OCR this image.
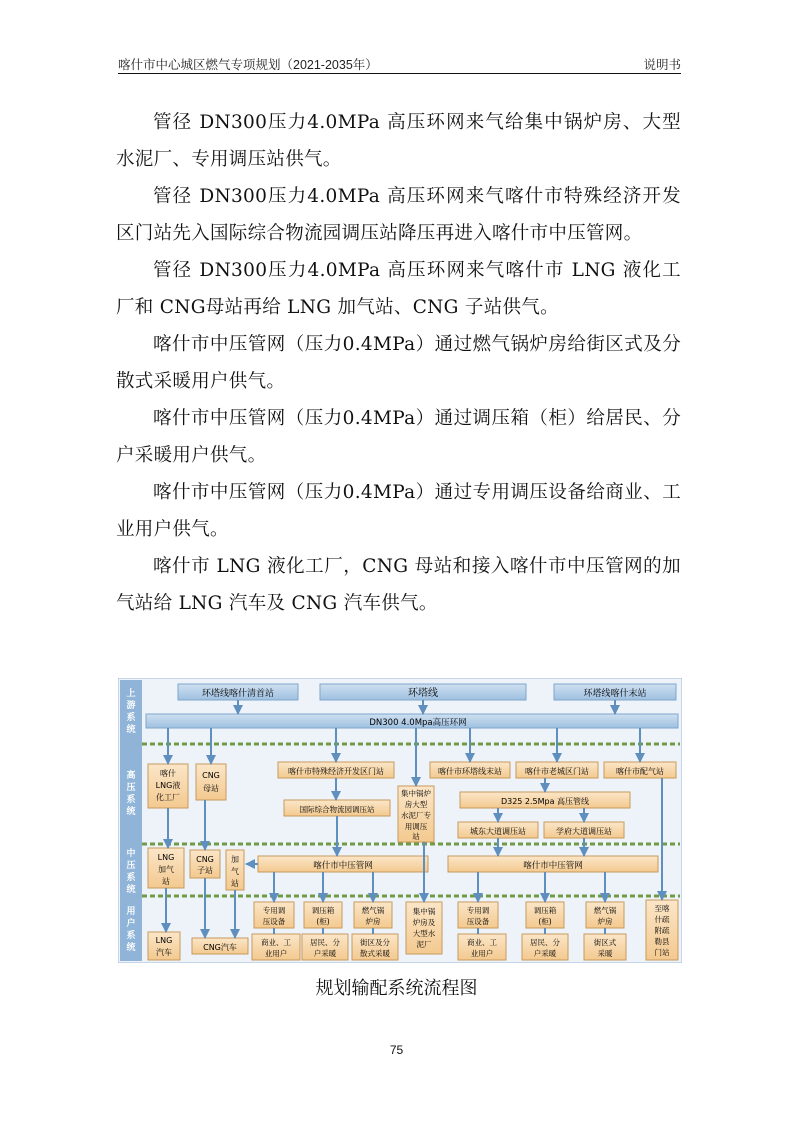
喀什市中心城区燃气专项规划（2021-2035年）	说明书

管径 DN300压力4.0MPa 高压环网来气给集中锅炉房、大型水泥厂、专用调压站供气。

管径 DN300压力4.0MPa 高压环网来气喀什市特殊经济开发区门站先入国际综合物流园调压站降压再进入喀什市中压管网。

管径 DN300压力4.0MPa 高压环网来气喀什市 LNG 液化工厂和 CNG母站再给 LNG 加气站、CNG 子站供气。

喀什市中压管网（压力0.4MPa）通过燃气锅炉房给街区式及分散式采暖用户供气。

喀什市中压管网（压力0.4MPa）通过调压箱（柜）给居民、分户采暖用户供气。

喀什市中压管网（压力0.4MPa）通过专用调压设备给商业、工业用户供气。

喀什市 LNG 液化工厂，CNG 母站和接入喀什市中压管网的加气站给 LNG 汽车及 CNG 汽车供气。

上
游
系
统
高
压
系
统
中
压
系
统
用
户
系
统
环塔线喀什清首站	环塔线	环塔线喀什末站
DN300 4.0Mpa高压环网
喀什
LNG液
化工厂
CNG
母站
喀什市特殊经济开发区门站
国际综合物流园调压站
集中锅炉
房大型
水泥厂专
用调压
站
喀什市环塔线末站	喀什市老城区门站	喀什市配气站
D325 2.5Mpa 高压管线
城东大道调压站	学府大道调压站
LNG
加气
站
CNG
子站
加
气
站
喀什市中压管网	喀什市中压管网
LNG
汽车
CNG汽车
专用调
压设备
调压箱
(柜)
燃气锅
炉房
商业、工
业用户
居民、分
户采暖
街区及分
散式采暖
集中锅
炉房及
大型水
泥厂
专用调
压设备
调压箱
(柜)
燃气锅
炉房
商业、工
业用户
居民、分
户采暖
街区式
采暖
至喀
什疏
附疏
勒县
门站
规划输配系统流程图
75
